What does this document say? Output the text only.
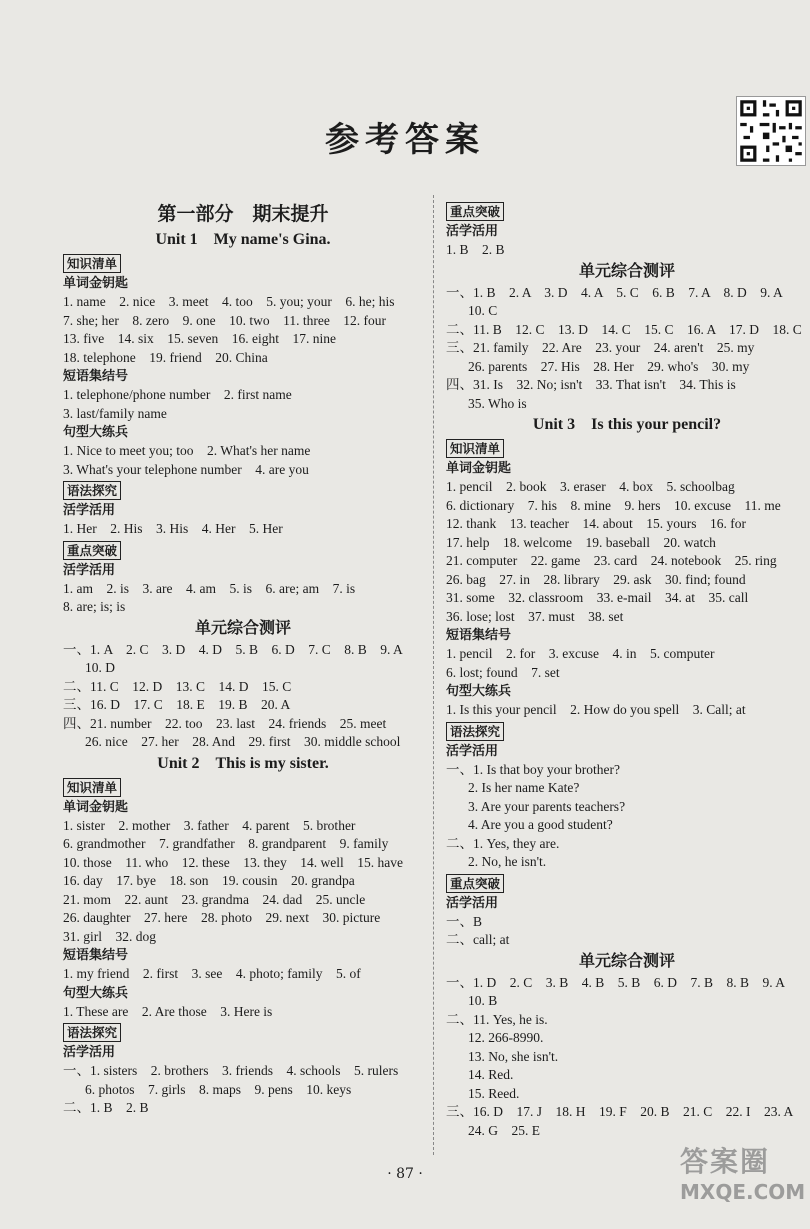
参考答案
第一部分　期末提升
Unit 1　My name's Gina.
知识清单
单词金钥匙
1. name　2. nice　3. meet　4. too　5. you; your　6. he; his
7. she; her　8. zero　9. one　10. two　11. three　12. four
13. five　14. six　15. seven　16. eight　17. nine
18. telephone　19. friend　20. China
短语集结号
1. telephone/phone number　2. first name
3. last/family name
句型大练兵
1. Nice to meet you; too　2. What's her name
3. What's your telephone number　4. are you
语法探究
活学活用
1. Her　2. His　3. His　4. Her　5. Her
重点突破
活学活用
1. am　2. is　3. are　4. am　5. is　6. are; am　7. is
8. are; is; is
单元综合测评
一、1. A　2. C　3. D　4. D　5. B　6. D　7. C　8. B　9. A
10. D
二、11. C　12. D　13. C　14. D　15. C
三、16. D　17. C　18. E　19. B　20. A
四、21. number　22. too　23. last　24. friends　25. meet
26. nice　27. her　28. And　29. first　30. middle school
Unit 2　This is my sister.
知识清单
单词金钥匙
1. sister　2. mother　3. father　4. parent　5. brother
6. grandmother　7. grandfather　8. grandparent　9. family
10. those　11. who　12. these　13. they　14. well　15. have
16. day　17. bye　18. son　19. cousin　20. grandpa
21. mom　22. aunt　23. grandma　24. dad　25. uncle
26. daughter　27. here　28. photo　29. next　30. picture
31. girl　32. dog
短语集结号
1. my friend　2. first　3. see　4. photo; family　5. of
句型大练兵
1. These are　2. Are those　3. Here is
语法探究
活学活用
一、1. sisters　2. brothers　3. friends　4. schools　5. rulers
6. photos　7. girls　8. maps　9. pens　10. keys
二、1. B　2. B
重点突破
活学活用
1. B　2. B
单元综合测评
一、1. B　2. A　3. D　4. A　5. C　6. B　7. A　8. D　9. A
10. C
二、11. B　12. C　13. D　14. C　15. C　16. A　17. D　18. C
三、21. family　22. Are　23. your　24. aren't　25. my
26. parents　27. His　28. Her　29. who's　30. my
四、31. Is　32. No; isn't　33. That isn't　34. This is
35. Who is
Unit 3　Is this your pencil?
知识清单
单词金钥匙
1. pencil　2. book　3. eraser　4. box　5. schoolbag
6. dictionary　7. his　8. mine　9. hers　10. excuse　11. me
12. thank　13. teacher　14. about　15. yours　16. for
17. help　18. welcome　19. baseball　20. watch
21. computer　22. game　23. card　24. notebook　25. ring
26. bag　27. in　28. library　29. ask　30. find; found
31. some　32. classroom　33. e-mail　34. at　35. call
36. lose; lost　37. must　38. set
短语集结号
1. pencil　2. for　3. excuse　4. in　5. computer
6. lost; found　7. set
句型大练兵
1. Is this your pencil　2. How do you spell　3. Call; at
语法探究
活学活用
一、1. Is that boy your brother?
2. Is her name Kate?
3. Are your parents teachers?
4. Are you a good student?
二、1. Yes, they are.
2. No, he isn't.
重点突破
活学活用
一、B
二、call; at
单元综合测评
一、1. D　2. C　3. B　4. B　5. B　6. D　7. B　8. B　9. A
10. B
二、11. Yes, he is.
12. 266-8990.
13. No, she isn't.
14. Red.
15. Reed.
三、16. D　17. J　18. H　19. F　20. B　21. C　22. I　23. A
24. G　25. E
· 87 ·	答案圈
MXQE.COM
